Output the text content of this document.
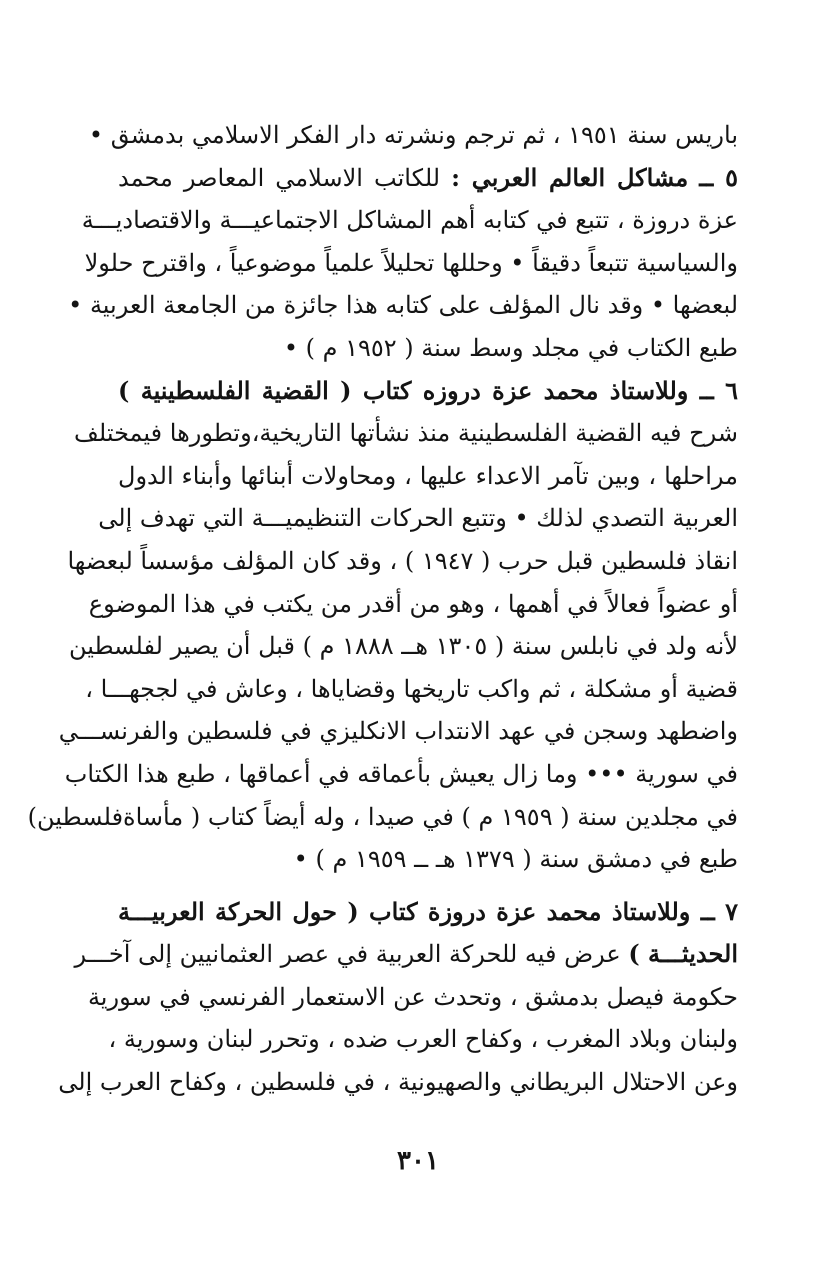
باريس سنة ١٩٥١ ، ثم ترجم ونشرته دار الفكر الاسلامي بدمشق •
٥ ــ مشاكل العالم العربي : للكاتب الاسلامي المعاصر محمد
عزة دروزة ، تتبع في كتابه أهم المشاكل الاجتماعيـــة والاقتصاديـــة
والسياسية تتبعاً دقيقاً • وحللها تحليلاً علمياً موضوعياً ، واقترح حلولا
لبعضها • وقد نال المؤلف على كتابه هذا جائزة من الجامعة العربية •
طبع الكتاب في مجلد وسط سنة ( ١٩٥٢ م ) •
٦ ــ وللاستاذ محمد عزة دروزه كتاب ( القضية الفلسطينية )
شرح فيه القضية الفلسطينية منذ نشأتها التاريخية،وتطورها فيمختلف
مراحلها ، وبين تآمر الاعداء عليها ، ومحاولات أبنائها وأبناء الدول
العربية التصدي لذلك • وتتبع الحركات التنظيميـــة التي تهدف إلى
انقاذ فلسطين قبل حرب ( ١٩٤٧ ) ، وقد كان المؤلف مؤسساً لبعضها
أو عضواً فعالاً في أهمها ، وهو من أقدر من يكتب في هذا الموضوع
لأنه ولد في نابلس سنة ( ١٣٠٥ هــ ١٨٨٨ م ) قبل أن يصير لفلسطين
قضية أو مشكلة ، ثم واكب تاريخها وقضاياها ، وعاش في لججهـــا ،
واضطهد وسجن في عهد الانتداب الانكليزي في فلسطين والفرنســـي
في سورية ••• وما زال يعيش بأعماقه في أعماقها ، طبع هذا الكتاب
في مجلدين سنة ( ١٩٥٩ م ) في صيدا ، وله أيضاً كتاب ( مأساةفلسطين)
طبع في دمشق سنة ( ١٣٧٩ هـ ــ ١٩٥٩ م ) •
٧ ــ وللاستاذ محمد عزة دروزة كتاب ( حول الحركة العربيـــة
الحديثـــة ) عرض فيه للحركة العربية في عصر العثمانيين إلى آخـــر
حكومة فيصل بدمشق ، وتحدث عن الاستعمار الفرنسي في سورية
ولبنان وبلاد المغرب ، وكفاح العرب ضده ، وتحرر لبنان وسورية ،
وعن الاحتلال البريطاني والصهيونية ، في فلسطين ، وكفاح العرب إلى
٣٠١
